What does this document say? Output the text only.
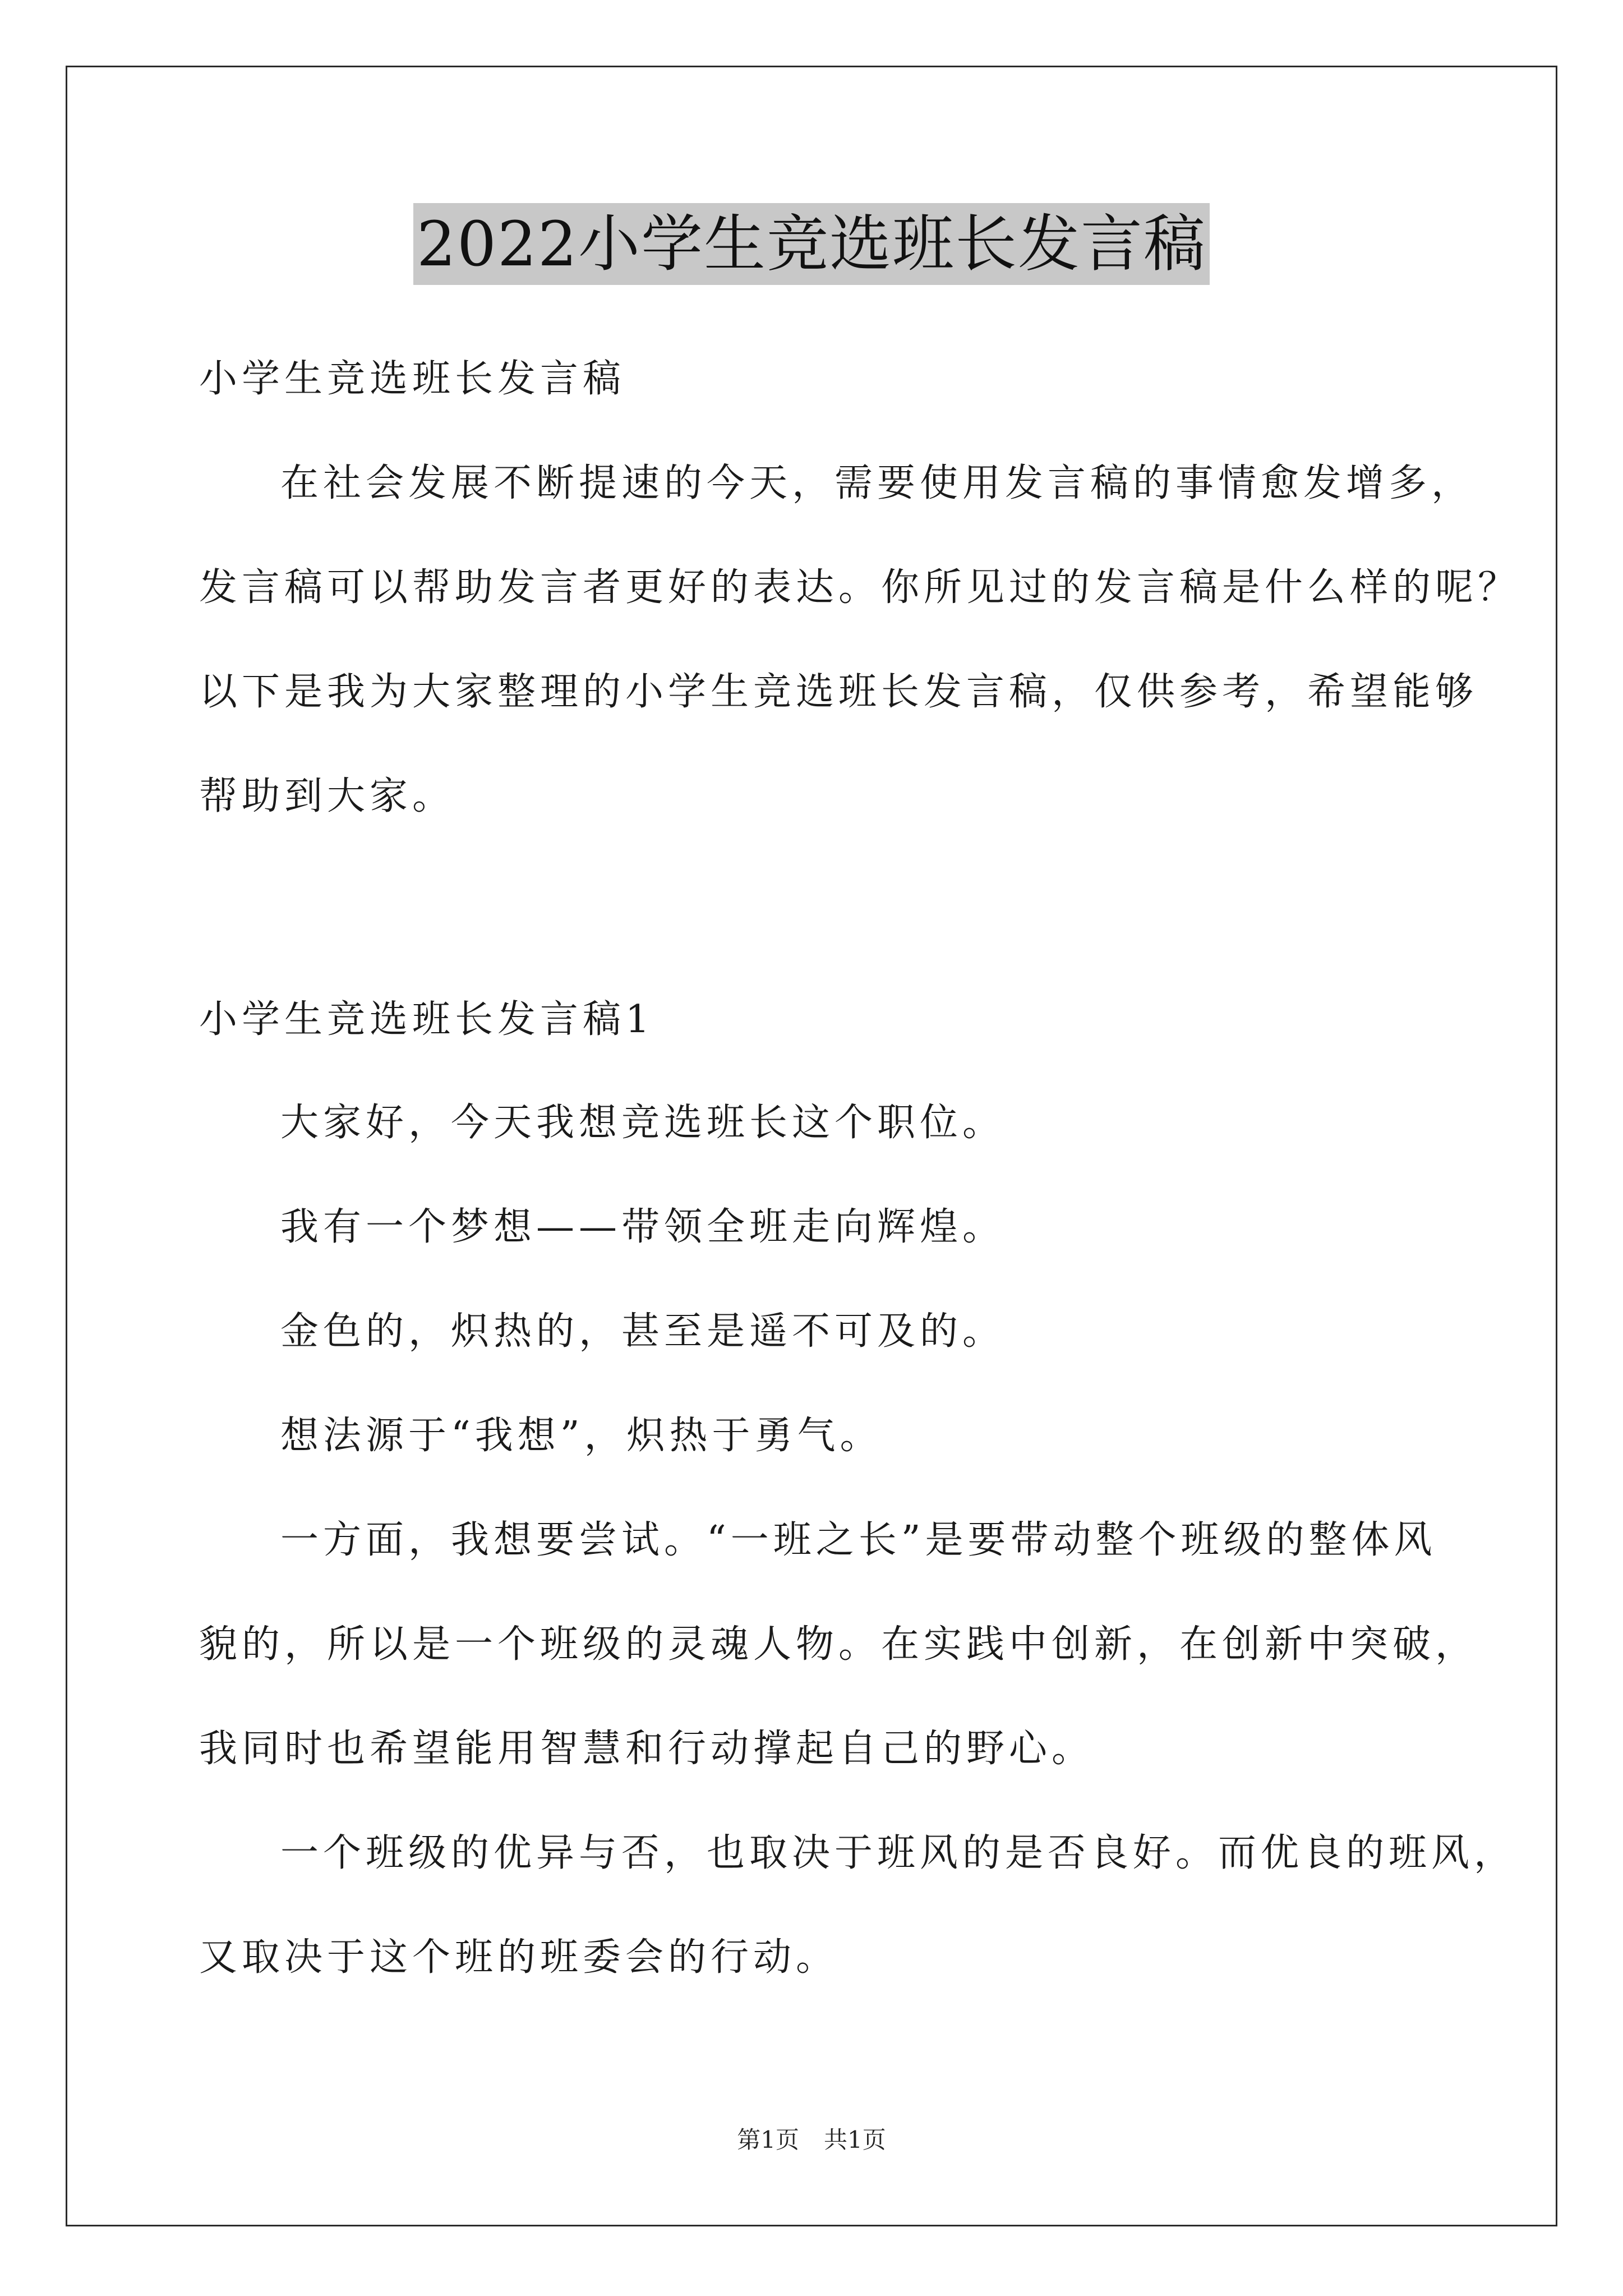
2022小学生竞选班长发言稿
小学生竞选班长发言稿
在社会发展不断提速的今天，需要使用发言稿的事情愈发增多，
发言稿可以帮助发言者更好的表达。你所见过的发言稿是什么样的呢？
以下是我为大家整理的小学生竞选班长发言稿，仅供参考，希望能够
帮助到大家。
小学生竞选班长发言稿1
大家好，今天我想竞选班长这个职位。
我有一个梦想——带领全班走向辉煌。
金色的，炽热的，甚至是遥不可及的。
想法源于“我想”，炽热于勇气。
一方面，我想要尝试。“一班之长”是要带动整个班级的整体风
貌的，所以是一个班级的灵魂人物。在实践中创新，在创新中突破，
我同时也希望能用智慧和行动撑起自己的野心。
一个班级的优异与否，也取决于班风的是否良好。而优良的班风，
又取决于这个班的班委会的行动。
第1页 共1页
